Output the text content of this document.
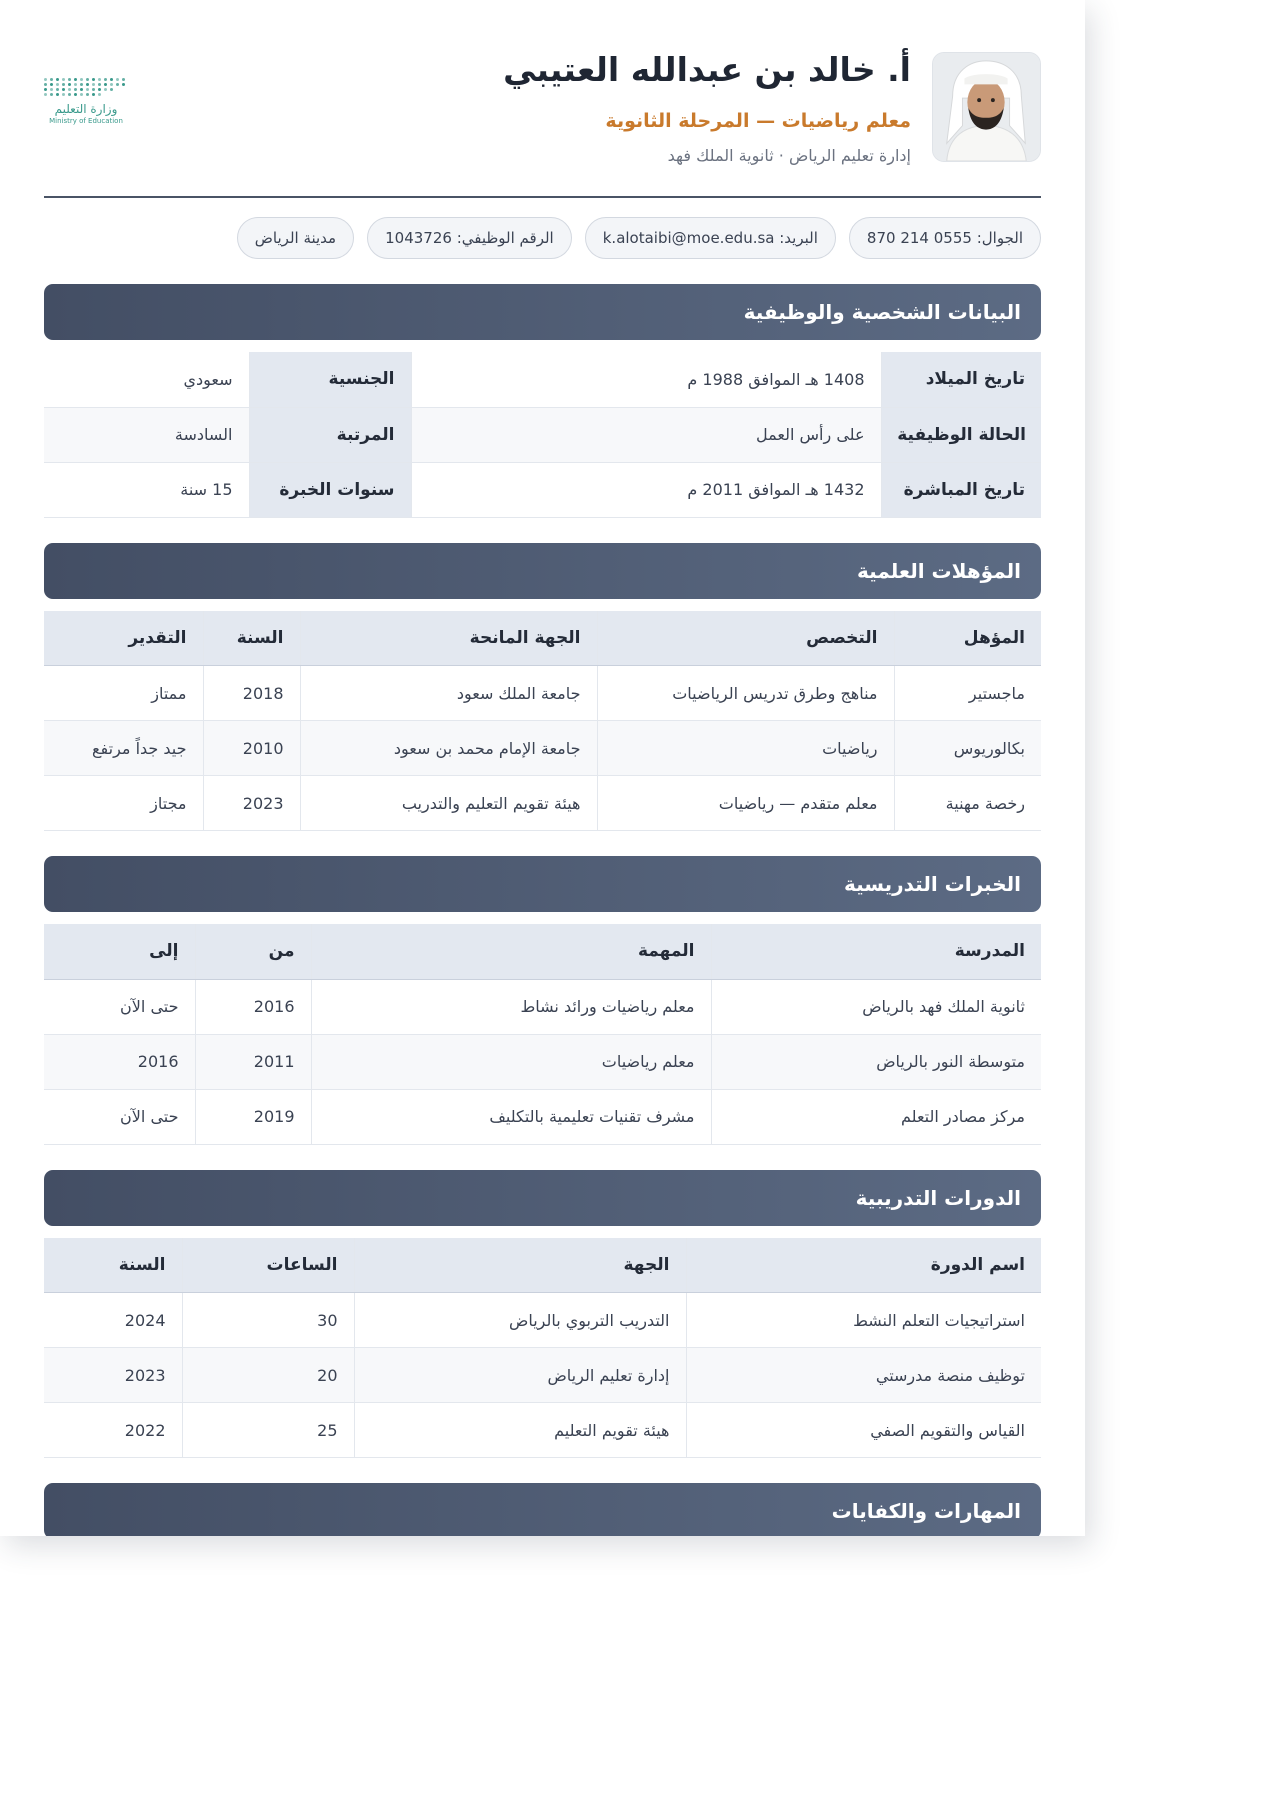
أ. خالد بن عبدالله العتيبي
معلم رياضيات — المرحلة الثانوية
إدارة تعليم الرياض · ثانوية الملك فهد
وزارة التعليم
Ministry of Education
الجوال: 0555 214 870
البريد: k.alotaibi@moe.edu.sa
الرقم الوظيفي: 1043726
مدينة الرياض
البيانات الشخصية والوظيفية
تاريخ الميلاد	1408 هـ الموافق 1988 م	الجنسية	سعودي
الحالة الوظيفية	على رأس العمل	المرتبة	السادسة
تاريخ المباشرة	1432 هـ الموافق 2011 م	سنوات الخبرة	15 سنة
المؤهلات العلمية
المؤهل	التخصص	الجهة المانحة	السنة	التقدير
ماجستير	مناهج وطرق تدريس الرياضيات	جامعة الملك سعود	2018	ممتاز
بكالوريوس	رياضيات	جامعة الإمام محمد بن سعود	2010	جيد جداً مرتفع
رخصة مهنية	معلم متقدم — رياضيات	هيئة تقويم التعليم والتدريب	2023	مجتاز
الخبرات التدريسية
المدرسة	المهمة	من	إلى
ثانوية الملك فهد بالرياض	معلم رياضيات ورائد نشاط	2016	حتى الآن
متوسطة النور بالرياض	معلم رياضيات	2011	2016
مركز مصادر التعلم	مشرف تقنيات تعليمية بالتكليف	2019	حتى الآن
الدورات التدريبية
اسم الدورة	الجهة	الساعات	السنة
استراتيجيات التعلم النشط	التدريب التربوي بالرياض	30	2024
توظيف منصة مدرستي	إدارة تعليم الرياض	20	2023
القياس والتقويم الصفي	هيئة تقويم التعليم	25	2022
المهارات والكفايات
